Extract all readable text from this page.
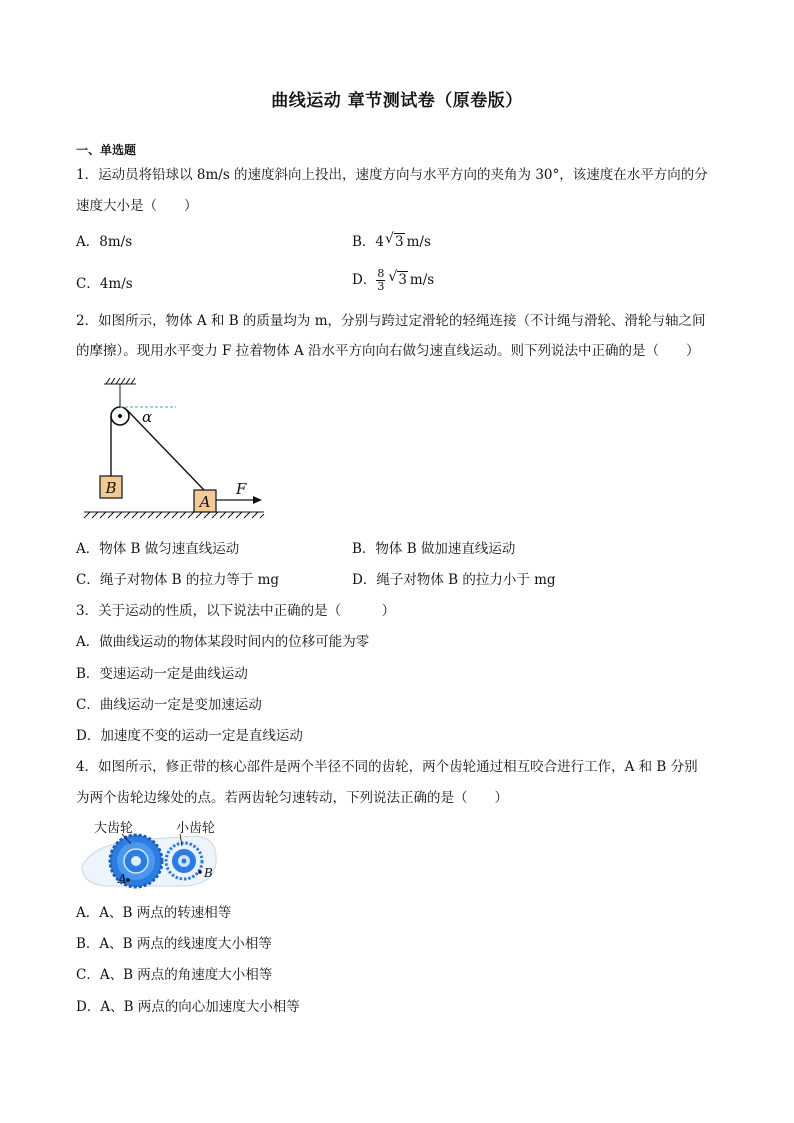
曲线运动 章节测试卷（原卷版）
一、单选题
1．运动员将铅球以 8m/s 的速度斜向上投出，速度方向与水平方向的夹角为 30°，该速度在水平方向的分
速度大小是（　　）
A．8m/s	B．4 √ 3 m/s
C．4m/s	D． $\frac{8}{3}$ √ 3 m/s
2．如图所示，物体 A 和 B 的质量均为 m，分别与跨过定滑轮的轻绳连接（不计绳与滑轮、滑轮与轴之间
的摩擦）。现用水平变力 F 拉着物体 A 沿水平方向向右做匀速直线运动。则下列说法中正确的是（　　）
α
B
A
F
A．物体 B 做匀速直线运动	B．物体 B 做加速直线运动
C．绳子对物体 B 的拉力等于 mg	D．绳子对物体 B 的拉力小于 mg
3．关于运动的性质，以下说法中正确的是（　　　）
A．做曲线运动的物体某段时间内的位移可能为零
B．变速运动一定是曲线运动
C．曲线运动一定是变加速运动
D．加速度不变的运动一定是直线运动
4．如图所示，修正带的核心部件是两个半径不同的齿轮，两个齿轮通过相互咬合进行工作，A 和 B 分别
为两个齿轮边缘处的点。若两齿轮匀速转动，下列说法正确的是（　　）
大齿轮	小齿轮
A	B
A．A、B 两点的转速相等
B．A、B 两点的线速度大小相等
C．A、B 两点的角速度大小相等
D．A、B 两点的向心加速度大小相等
